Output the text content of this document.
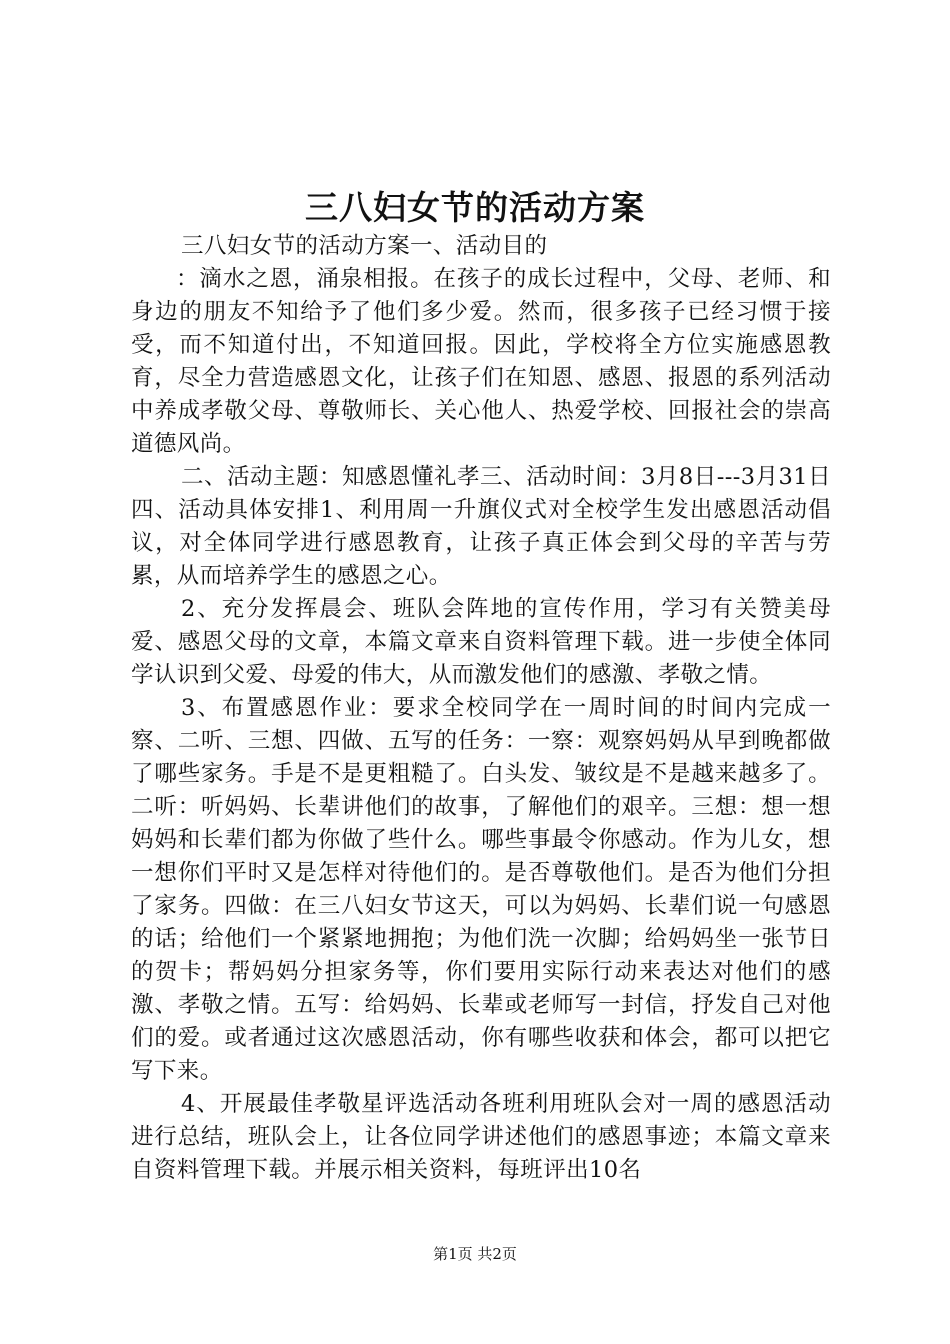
三八妇女节的活动方案

三八妇女节的活动方案一、活动目的

：滴水之恩，涌泉相报。在孩子的成长过程中，父母、老师、和身边的朋友不知给予了他们多少爱。然而，很多孩子已经习惯于接受，而不知道付出，不知道回报。因此，学校将全方位实施感恩教育，尽全力营造感恩文化，让孩子们在知恩、感恩、报恩的系列活动中养成孝敬父母、尊敬师长、关心他人、热爱学校、回报社会的崇高道德风尚。

二、活动主题：知感恩懂礼孝三、活动时间：3月8日---3月31日四、活动具体安排1、利用周一升旗仪式对全校学生发出感恩活动倡议，对全体同学进行感恩教育，让孩子真正体会到父母的辛苦与劳累，从而培养学生的感恩之心。

2、充分发挥晨会、班队会阵地的宣传作用，学习有关赞美母爱、感恩父母的文章，本篇文章来自资料管理下载。进一步使全体同学认识到父爱、母爱的伟大，从而激发他们的感激、孝敬之情。

3、布置感恩作业：要求全校同学在一周时间的时间内完成一察、二听、三想、四做、五写的任务：一察：观察妈妈从早到晚都做了哪些家务。手是不是更粗糙了。白头发、皱纹是不是越来越多了。二听：听妈妈、长辈讲他们的故事，了解他们的艰辛。三想：想一想妈妈和长辈们都为你做了些什么。哪些事最令你感动。作为儿女，想一想你们平时又是怎样对待他们的。是否尊敬他们。是否为他们分担了家务。四做：在三八妇女节这天，可以为妈妈、长辈们说一句感恩的话；给他们一个紧紧地拥抱；为他们洗一次脚；给妈妈坐一张节日的贺卡；帮妈妈分担家务等，你们要用实际行动来表达对他们的感激、孝敬之情。五写：给妈妈、长辈或老师写一封信，抒发自己对他们的爱。或者通过这次感恩活动，你有哪些收获和体会，都可以把它写下来。

4、开展最佳孝敬星评选活动各班利用班队会对一周的感恩活动进行总结，班队会上，让各位同学讲述他们的感恩事迹；本篇文章来自资料管理下载。并展示相关资料，每班评出10名

第1页 共2页
